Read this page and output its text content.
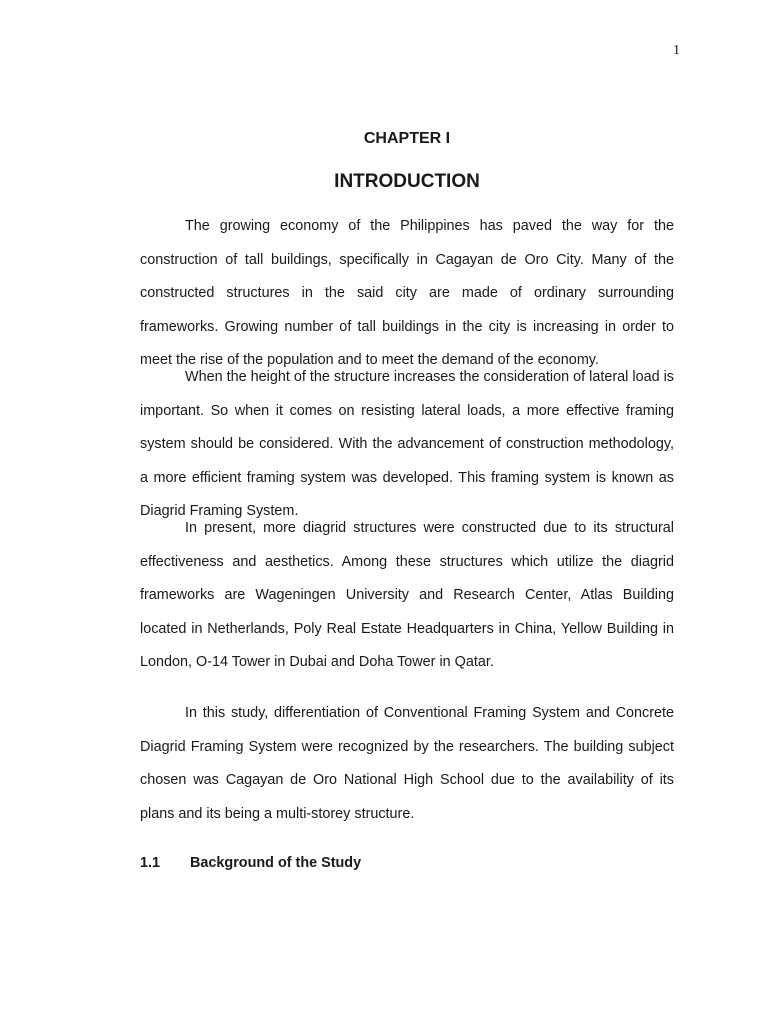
1
CHAPTER I
INTRODUCTION

The growing economy of the Philippines has paved the way for the construction of tall buildings, specifically in Cagayan de Oro City. Many of the constructed structures in the said city are made of ordinary surrounding frameworks. Growing number of tall buildings in the city is increasing in order to meet the rise of the population and to meet the demand of the economy.

When the height of the structure increases the consideration of lateral load is important. So when it comes on resisting lateral loads, a more effective framing system should be considered. With the advancement of construction methodology, a more efficient framing system was developed. This framing system is known as Diagrid Framing System.

In present, more diagrid structures were constructed due to its structural effectiveness and aesthetics. Among these structures which utilize the diagrid frameworks are Wageningen University and Research Center, Atlas Building located in Netherlands, Poly Real Estate Headquarters in China, Yellow Building in London, O-14 Tower in Dubai and Doha Tower in Qatar.

In this study, differentiation of Conventional Framing System and Concrete Diagrid Framing System were recognized by the researchers. The building subject chosen was Cagayan de Oro National High School due to the availability of its plans and its being a multi-storey structure.

1.1 Background of the Study
